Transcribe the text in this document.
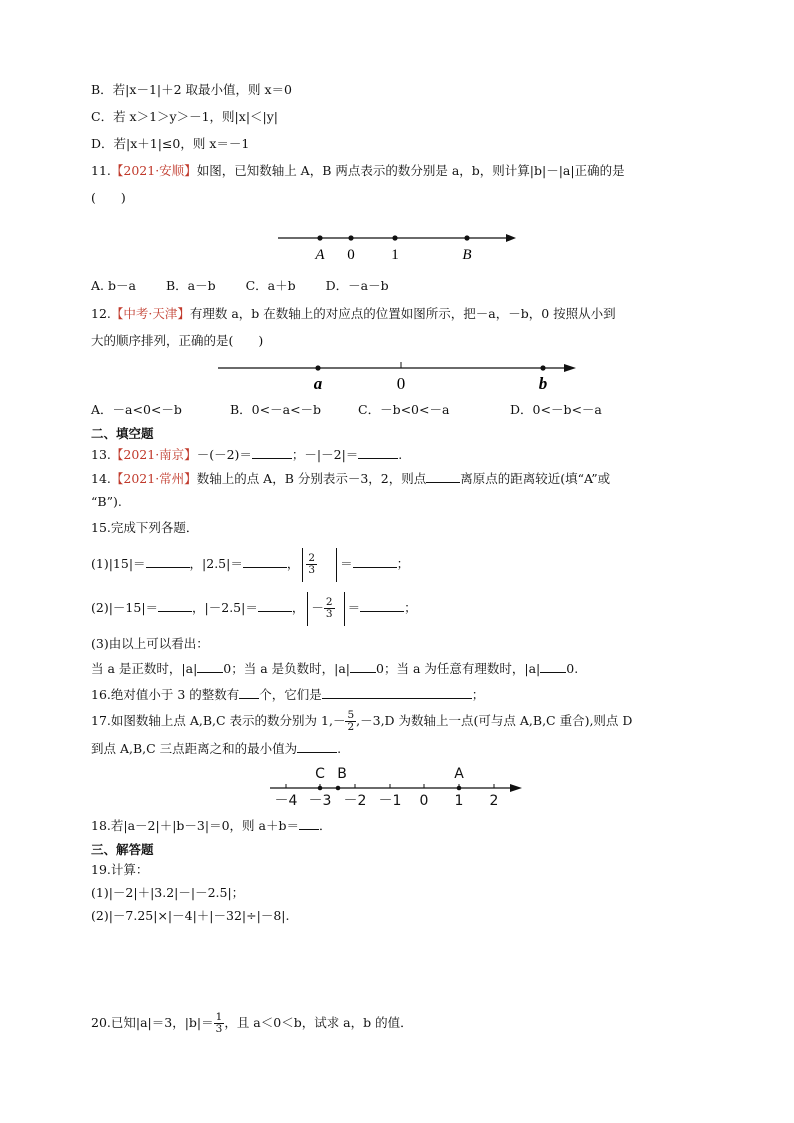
B．若|x－1|＋2 取最小值，则 x＝0
C．若 x＞1＞y＞－1，则|x|＜|y|
D．若|x＋1|≤0，则 x＝－1
11.【2021·安顺】如图，已知数轴上 A，B 两点表示的数分别是 a，b，则计算|b|－|a|正确的是
(　　)
A 0 1	B
A. b－a B．a－b C．a＋b D．－a－b
12.【中考·天津】有理数 a，b 在数轴上的对应点的位置如图所示，把－a，－b，0 按照从小到
大的顺序排列，正确的是(　　)
a	0	b
A．－a<0<－b	B．0<－a<－b	C．－b<0<－a	D．0<－b<－a
二、填空题
13.【2021·南京】－(－2)＝	；－|－2|＝	.
14.【2021·常州】数轴上的点 A，B 分别表示－3，2，则点	离原点的距离较近(填“A”或
“B”).
15.完成下列各题．
(1)|15|＝	，|2.5|＝	， $\frac{2}{3}$ ＝	；
(2)|－15|＝	，|－2.5|＝	， － $\frac{2}{3}$ ＝	；
(3)由以上可以看出：
当 a 是正数时，|a| 0；当 a 是负数时，|a| 0；当 a 为任意有理数时，|a| 0.
16.绝对值小于 3 的整数有 个，它们是	；
17.如图数轴上点 A,B,C 表示的数分别为 $1,- \frac{5}{2} ,-3,D$ 为数轴上一点(可与点 A,B,C 重合),则点 D
到点 A,B,C 三点距离之和的最小值为	.
C B	A
－4 －3 －2 －1 0 1 2
18.若|a－2|＋|b－3|＝0，则 a＋b＝ ．
三、解答题
19.计算：
(1)|－2|＋|3.2|－|－2.5|；
(2)|－7.25|×|－4|＋|－32|÷|－8|.
20.已知|a|＝3，$|b|= \frac{1}{3}$ ，且 a＜0＜b，试求 a，b 的值．
